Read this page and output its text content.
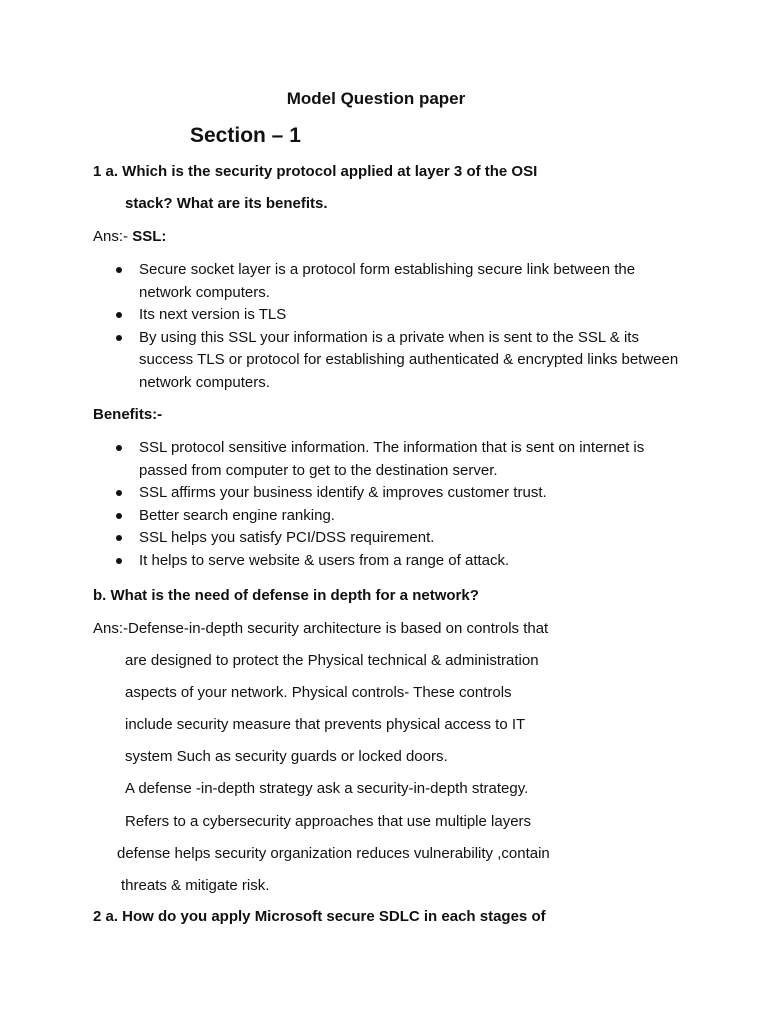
Model Question paper
Section – 1
1 a. Which is the security protocol applied at layer 3 of the OSI
stack? What are its benefits.
Ans:- SSL:
Secure socket layer is a protocol form establishing secure link between the network computers.
Its next version is TLS
By using this SSL your information is a private when is sent to the SSL & its success TLS or protocol for establishing authenticated & encrypted links between network computers.
Benefits:-
SSL protocol sensitive information. The information that is sent on internet is passed from computer to get to the destination server.
SSL affirms your business identify & improves customer trust.
Better search engine ranking.
SSL helps you satisfy PCI/DSS requirement.
It helps to serve website & users from a range of attack.
b. What is the need of defense in depth for a network?
Ans:-Defense-in-depth security architecture is based on controls that
are designed to protect the Physical technical & administration
aspects of your network. Physical controls- These controls
include security measure that prevents physical access to IT
system Such as security guards or locked doors.
A defense -in-depth strategy ask a security-in-depth strategy.
Refers to a cybersecurity approaches that use multiple layers
defense helps security organization reduces vulnerability ,contain
threats & mitigate risk.
2 a. How do you apply Microsoft secure SDLC in each stages of
